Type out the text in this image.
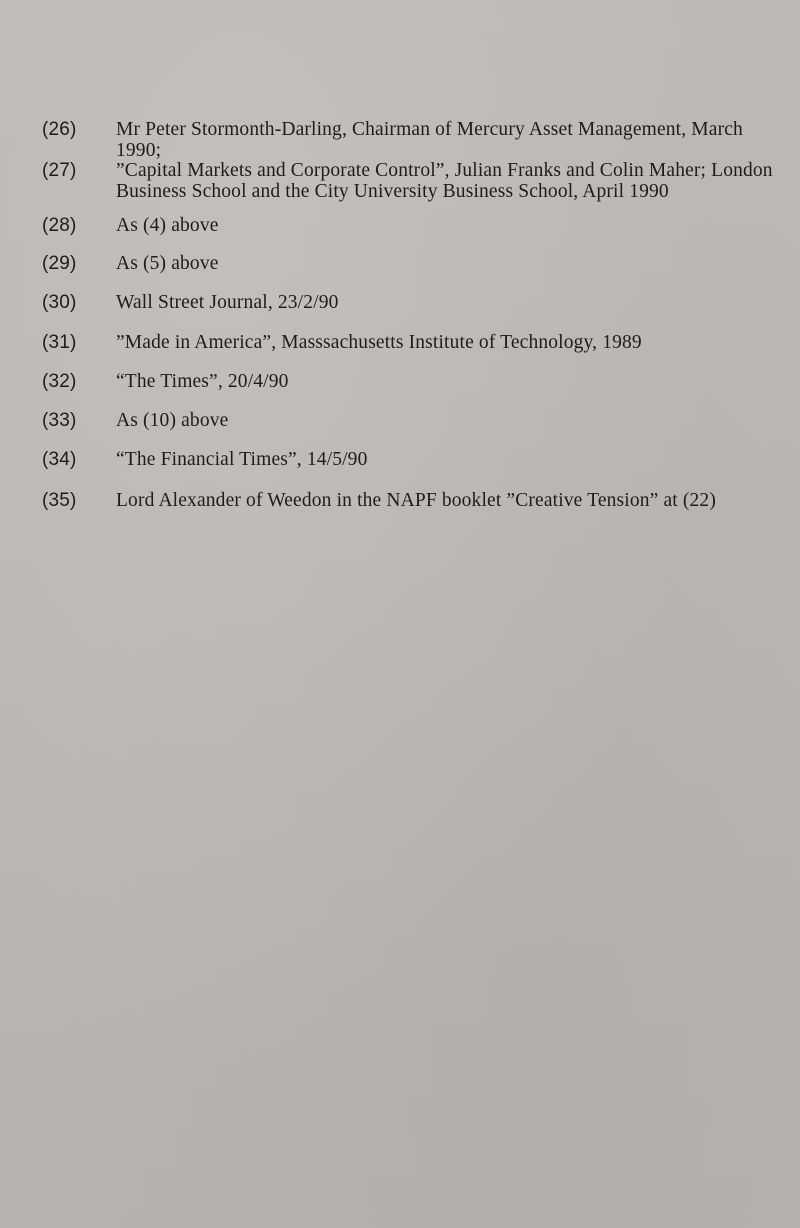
(26) Mr Peter Stormonth-Darling, Chairman of Mercury Asset Management, March 1990;
(27) ”Capital Markets and Corporate Control”, Julian Franks and Colin Maher; London Business School and the City University Business School, April 1990
(28) As (4) above
(29) As (5) above
(30) Wall Street Journal, 23/2/90
(31) ”Made in America”, Masssachusetts Institute of Technology, 1989
(32) “The Times”, 20/4/90
(33) As (10) above
(34) “The Financial Times”, 14/5/90
(35) Lord Alexander of Weedon in the NAPF booklet ”Creative Tension” at (22)
